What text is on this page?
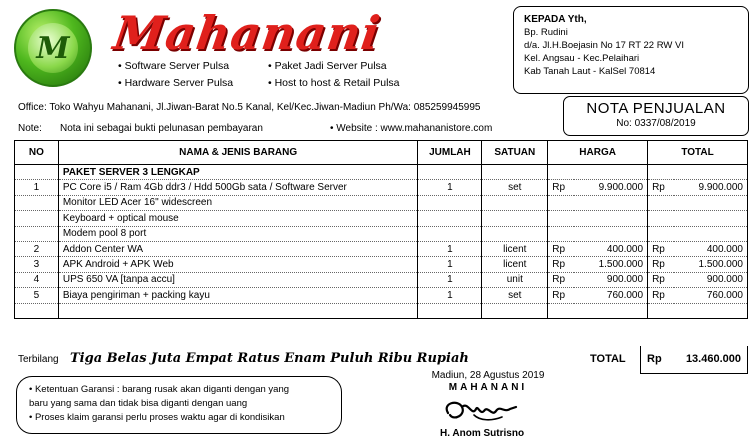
M Mahanani
• Software Server Pulsa	• Paket Jadi Server Pulsa
• Hardware Server Pulsa	• Host to host & Retail Pulsa
KEPADA Yth,
Bp. Rudini
d/a. Jl.H.Boejasin No 17 RT 22 RW VI
Kel. Angsau - Kec.Pelaihari
Kab Tanah Laut - KalSel 70814
Office: Toko Wahyu Mahanani, Jl.Jiwan-Barat No.5 Kanal, Kel/Kec.Jiwan-Madiun Ph/Wa: 085259945995
Note: Nota ini sebagai bukti pelunasan pembayaran	• Website : www.mahananistore.com
NOTA PENJUALAN
No: 0337/08/2019
NO	NAMA & JENIS BARANG	JUMLAH	SATUAN	HARGA		TOTAL	
	PAKET SERVER 3 LENGKAP						
1	PC Core i5 / Ram 4Gb ddr3 / Hdd 500Gb sata / Software Server	1	set	Rp	9.900.000	Rp	9.900.000
	Monitor LED Acer 16" widescreen						
	Keyboard + optical mouse						
	Modem pool 8 port						
2	Addon Center WA	1	licent	Rp	400.000	Rp	400.000
3	APK Android + APK Web	1	licent	Rp	1.500.000	Rp	1.500.000
4	UPS 650 VA [tanpa accu]	1	unit	Rp	900.000	Rp	900.000
5	Biaya pengiriman + packing kayu	1	set	Rp	760.000	Rp	760.000

Terbilang Tiga Belas Juta Empat Ratus Enam Puluh Ribu Rupiah	TOTAL Rp 13.460.000
• Ketentuan Garansi : barang rusak akan diganti dengan yang
baru yang sama dan tidak bisa diganti dengan uang
• Proses klaim garansi perlu proses waktu agar di kondisikan
Madiun, 28 Agustus 2019
MAHANANI
H. Anom Sutrisno
